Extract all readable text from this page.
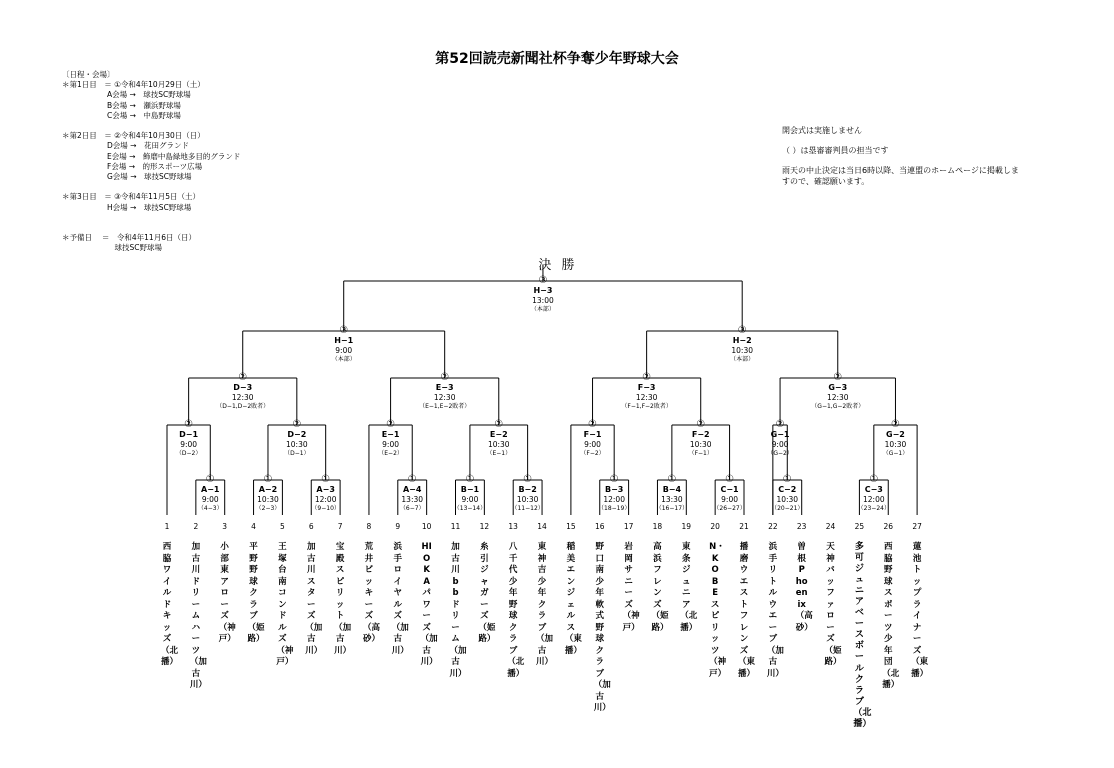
第52回読売新聞社杯争奪少年野球大会
〔日程・会場〕
＊第1日目　＝ ①令和4年10月29日（土）
　　　　　　A会場 →　球技SC野球場
　　　　　　B会場 →　瀬浜野球場
　　　　　　C会場 →　中島野球場

＊第2日目　＝ ②令和4年10月30日（日）
　　　　　　D会場 →　花田グランド
　　　　　　E会場 →　飾磨中島緑地多目的グランド
　　　　　　F会場 →　的形スポーツ広場
　　　　　　G会場 →　球技SC野球場

＊第3日目　＝ ③令和4年11月5日（土）
　　　　　　H会場 →　球技SC野球場

＊予備日　 ＝　令和4年11月6日（日）
　　　　　　　球技SC野球場
開会式は実施しません
（ ）は塁審審判員の担当です
雨天の中止決定は当日6時以降、当連盟のホームページに掲載しますので、確認願います。
決 勝
①
A−1
9:00
（4−3）
①
A−2
10:30
（2−3）
①
A−3
12:00
（9−10）
①
A−4
13:30
（6−7）
①
B−1
9:00
（13−14）
①
B−2
10:30
（11−12）
①
B−3
12:00
（18−19）
①
B−4
13:30
（16−17）
①
C−1
9:00
（26−27）
①
C−2
10:30
（20−21）
①
C−3
12:00
（23−24）
②
D−1
9:00
（D−2）
②
D−2
10:30
（D−1）
②
E−1
9:00
（E−2）
②
E−2
10:30
（E−1）
②
F−1
9:00
（F−2）
②
F−2
10:30
（F−1）
②
G−1
9:00
（G−2）
②
G−2
10:30
（G−1）
②
D−3
12:30
（D−1,D−2敗者）
②
E−3
12:30
（E−1,E−2敗者）
②
F−3
12:30
（F−1,F−2敗者）
②
G−3
12:30
（G−1,G−2敗者）
③
H−1
9:00
（本部）
③
H−2
10:30
（本部）
③
H−3
13:00
（本部）
1
西脇ワイルドキッズ（北播）
2
加古川ドリームハーツ（加古川）
3
小部東アローズ（神戸）
4
平野野球クラブ（姫路）
5
王塚台南コンドルズ（神戸）
6
加古川スターズ（加古川）
7
宝殿スピリット（加古川）
8
荒井ビッキーズ（高砂）
9
浜手ロイヤルズ（加古川）
10
HIOKAパワーズ（加古川）
11
加古川bbドリーム（加古川）
12
糸引ジャガーズ（姫路）
13
八千代少年野球クラブ（北播）
14
東神吉少年クラブ（加古川）
15
稲美エンジェルス（東播）
16
野口南少年軟式野球クラブ（加古川）
17
岩岡サニーズ（神戸）
18
高浜フレンズ（姫路）
19
東条ジュニア（北播）
20
N・KOBEスピリッツ（神戸）
21
播磨ウエストフレンズ（東播）
22
浜手リトルウエーブ（加古川）
23
曽根Phoenix（高砂）
24
天神バッファローズ（姫路）
25
多可ジュニアベースボールクラブ（北播）
26
西脇野球スポーツ少年団（北播）
27
蓮池トップライナーズ（東播）
